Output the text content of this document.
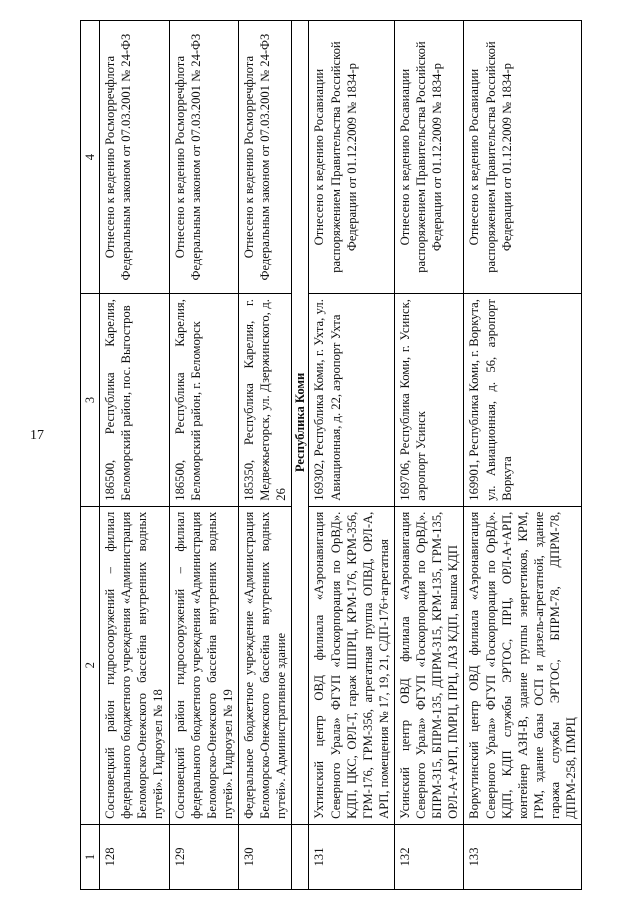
17
1	2	3	4
128	Сосновецкий район гидросооружений – филиал федерального бюджетного учреждения «Администрация Беломорско-Онежского бассейна внутренних водных путей». Гидроузел № 18	186500, Республика Карелия, Беломорский район, пос. Выгостров	Отнесено к ведению Росморречфлота Федеральным законом от 07.03.2001 № 24-ФЗ
129	Сосновецкий район гидросооружений – филиал федерального бюджетного учреждения «Администрация Беломорско-Онежского бассейна внутренних водных путей». Гидроузел № 19	186500, Республика Карелия, Беломорский район, г. Беломорск	Отнесено к ведению Росморречфлота Федеральным законом от 07.03.2001 № 24-ФЗ
130	Федеральное бюджетное учреждение «Администрация Беломорско-Онежского бассейна внутренних водных путей». Административное здание	185350, Республика Карелия, г. Медвежьегорск, ул. Дзержинского, д. 26	Отнесено к ведению Росморречфлота Федеральным законом от 07.03.2001 № 24-ФЗ
	Республика Коми		
131	Ухтинский центр ОВД филиала «Аэронавигация Северного Урала» ФГУП «Госкорпорация по ОрВД». КДП, ЦКС, ОРЛ-Т, гараж ШПРЦ, КРМ-176, КРМ-356, ГРМ-176, ГРМ-356, агрегатная группа ОПВД, ОРЛ-А, АРП, помещения № 17, 19, 21, СДП-176+агрегатная	169302, Республика Коми, г. Ухта, ул. Авиационная, д. 22, аэропорт Ухта	Отнесено к ведению Росавиации распоряжением Правительства Российской Федерации от 01.12.2009 № 1834-р
132	Усинский центр ОВД филиала «Аэронавигация Северного Урала» ФГУП «Госкорпорация по ОрВД». БПРМ-315, БПРМ-135, ДПРМ-315, КРМ-135, ГРМ-135, ОРЛ-А+АРП, ПМРЦ, ПРЦ, ЛАЗ КДП, вышка КДП	169706, Республика Коми, г. Усинск, аэропорт Усинск	Отнесено к ведению Росавиации распоряжением Правительства Российской Федерации от 01.12.2009 № 1834-р
133	Воркутинский центр ОВД филиала «Аэронавигация Северного Урала» ФГУП «Госкорпорация по ОрВД». КДП, КДП службы ЭРТОС, ПРЦ, ОРЛ-А+АРП, контейнер АЗН-В, здание группы энергетиков, КРМ, ГРМ, здание базы ОСП и дизель-агрегатной, здание гаража службы ЭРТОС, БПРМ-78, ДПРМ-78, ДПРМ-258, ПМРЦ	169901, Республика Коми, г. Воркута, ул. Авиационная, д. 56, аэропорт Воркута	Отнесено к ведению Росавиации распоряжением Правительства Российской Федерации от 01.12.2009 № 1834-р
